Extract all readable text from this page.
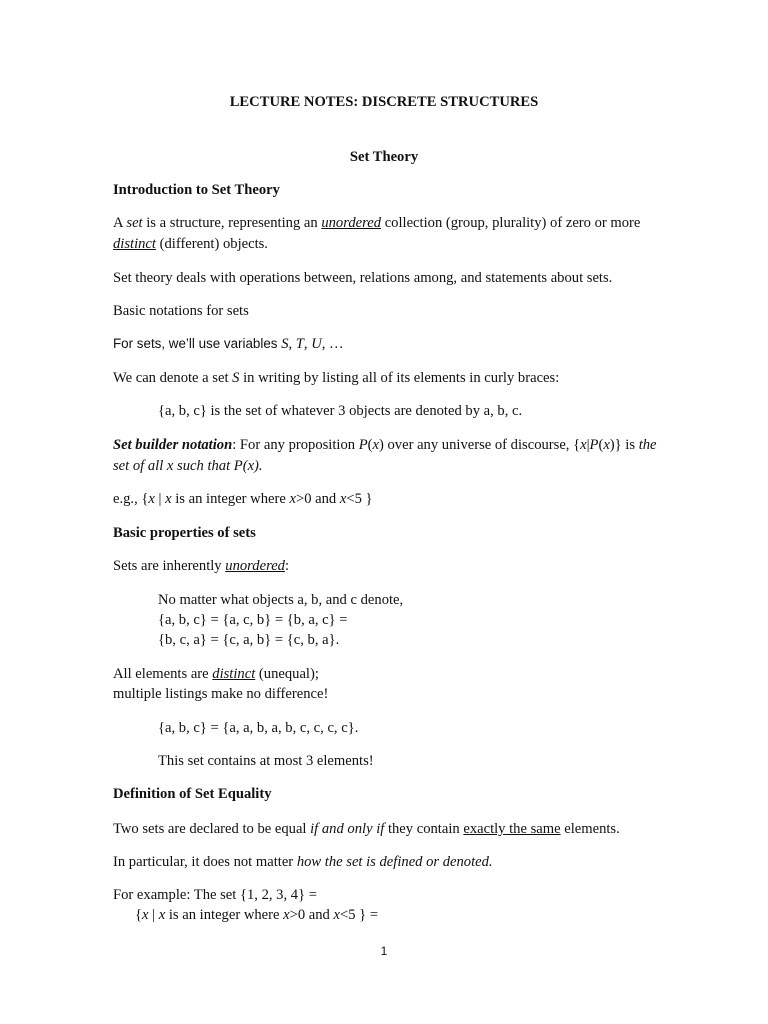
LECTURE NOTES: DISCRETE STRUCTURES
Set Theory
Introduction to Set Theory
A set is a structure, representing an unordered collection (group, plurality) of zero or more
distinct (different) objects.
Set theory deals with operations between, relations among, and statements about sets.
Basic notations for sets
For sets, we’ll use variables S, T, U, …
We can denote a set S in writing by listing all of its elements in curly braces:
{a, b, c} is the set of whatever 3 objects are denoted by a, b, c.
Set builder notation: For any proposition P(x) over any universe of discourse, {x|P(x)} is the
set of all x such that P(x).
e.g., {x | x is an integer where x>0 and x<5 }
Basic properties of sets
Sets are inherently unordered:
No matter what objects a, b, and c denote,
{a, b, c} = {a, c, b} = {b, a, c} =
{b, c, a} = {c, a, b} = {c, b, a}.
All elements are distinct (unequal);
multiple listings make no difference!
{a, b, c} = {a, a, b, a, b, c, c, c, c}.
This set contains at most 3 elements!
Definition of Set Equality
Two sets are declared to be equal if and only if they contain exactly the same elements.
In particular, it does not matter how the set is defined or denoted.
For example: The set {1, 2, 3, 4} =
{x | x is an integer where x>0 and x<5 } =
1
